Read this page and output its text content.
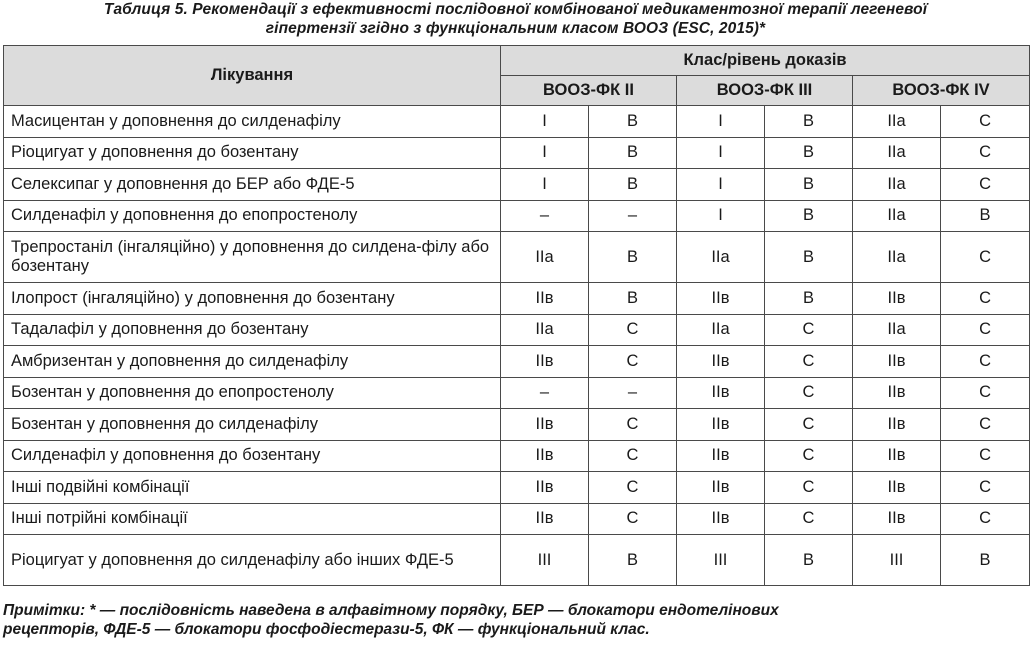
Таблиця 5. Рекомендації з ефективності послідовної комбінованої медикаментозної терапії легеневої
гіпертензії згідно з функціональним класом ВООЗ (ESC, 2015)*
Лікування	Клас/рівень доказів					
	ВООЗ-ФК II		ВООЗ-ФК III		ВООЗ-ФК IV	
Масицентан у доповнення до силденафілу	I	B	I	B	IIa	C
Ріоцигуат у доповнення до бозентану	I	B	I	B	IIa	C
Селексипаг у доповнення до БЕР або ФДЕ-5	I	B	I	B	IIa	C
Силденафіл у доповнення до епопростенолу	–	–	I	B	IIa	B
Трепростаніл (інгаляційно) у доповнення до силдена-філу або бозентану	IIa	B	IIa	B	IIa	C
Ілопрост (інгаляційно) у доповнення до бозентану	IIв	B	IIв	B	IIв	C
Тадалафіл у доповнення до бозентану	IIa	C	IIa	C	IIa	C
Амбризентан у доповнення до силденафілу	IIв	C	IIв	C	IIв	C
Бозентан у доповнення до епопростенолу	–	–	IIв	C	IIв	C
Бозентан у доповнення до силденафілу	IIв	C	IIв	C	IIв	C
Силденафіл у доповнення до бозентану	IIв	C	IIв	C	IIв	C
Інші подвійні комбінації	IIв	C	IIв	C	IIв	C
Інші потрійні комбінації	IIв	C	IIв	C	IIв	C
Ріоцигуат у доповнення до силденафілу або інших ФДЕ-5	III	B	III	B	III	B
Примітки: * — послідовність наведена в алфавітному порядку, БЕР — блокатори ендотелінових
рецепторів, ФДЕ-5 — блокатори фосфодіестерази-5, ФК — функціональний клас.
